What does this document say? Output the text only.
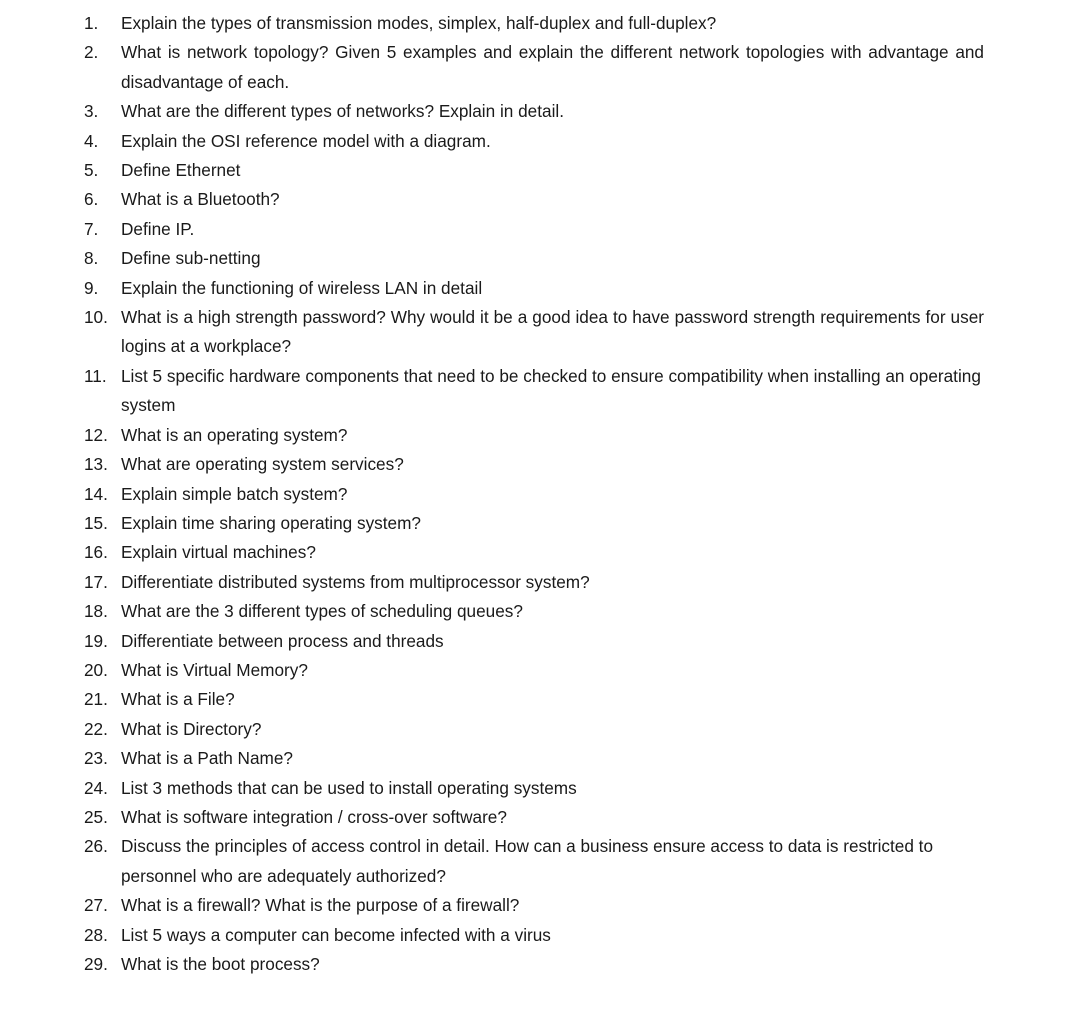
1.	Explain the types of transmission modes, simplex, half-duplex and full-duplex?
2.	What is network topology? Given 5 examples and explain the different network topologies with advantage and disadvantage of each.
3.	What are the different types of networks? Explain in detail.
4.	Explain the OSI reference model with a diagram.
5.	Define Ethernet
6.	What is a Bluetooth?
7.	Define IP.
8.	Define sub-netting
9.	Explain the functioning of wireless LAN in detail
10. What is a high strength password? Why would it be a good idea to have password strength requirements for user logins at a workplace?
11. List 5 specific hardware components that need to be checked to ensure compatibility when installing an operating system
12. What is an operating system?
13. What are operating system services?
14. Explain simple batch system?
15. Explain time sharing operating system?
16. Explain virtual machines?
17. Differentiate distributed systems from multiprocessor system?
18. What are the 3 different types of scheduling queues?
19. Differentiate between process and threads
20. What is Virtual Memory?
21. What is a File?
22. What is Directory?
23. What is a Path Name?
24. List 3 methods that can be used to install operating systems
25. What is software integration / cross-over software?
26. Discuss the principles of access control in detail. How can a business ensure access to data is restricted to personnel who are adequately authorized?
27. What is a firewall? What is the purpose of a firewall?
28. List 5 ways a computer can become infected with a virus
29. What is the boot process?
